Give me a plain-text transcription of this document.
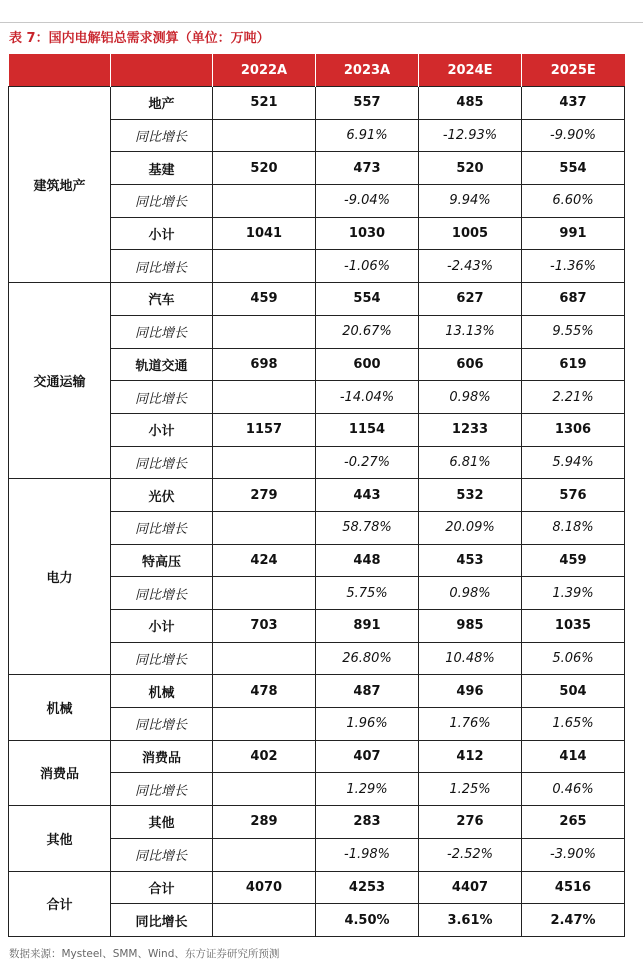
表 7：国内电解铝总需求测算（单位：万吨）
		2022A	2023A	2024E	2025E
建筑地产	地产	521	557	485	437
	同比增长		6.91%	-12.93%	-9.90%
	基建	520	473	520	554
	同比增长		-9.04%	9.94%	6.60%
	小计	1041	1030	1005	991
	同比增长		-1.06%	-2.43%	-1.36%
交通运输	汽车	459	554	627	687
	同比增长		20.67%	13.13%	9.55%
	轨道交通	698	600	606	619
	同比增长		-14.04%	0.98%	2.21%
	小计	1157	1154	1233	1306
	同比增长		-0.27%	6.81%	5.94%
电力	光伏	279	443	532	576
	同比增长		58.78%	20.09%	8.18%
	特高压	424	448	453	459
	同比增长		5.75%	0.98%	1.39%
	小计	703	891	985	1035
	同比增长		26.80%	10.48%	5.06%
机械	机械	478	487	496	504
	同比增长		1.96%	1.76%	1.65%
消费品	消费品	402	407	412	414
	同比增长		1.29%	1.25%	0.46%
其他	其他	289	283	276	265
	同比增长		-1.98%	-2.52%	-3.90%
合计	合计	4070	4253	4407	4516
	同比增长		4.50%	3.61%	2.47%
数据来源：Mysteel、SMM、Wind、东方证券研究所预测
